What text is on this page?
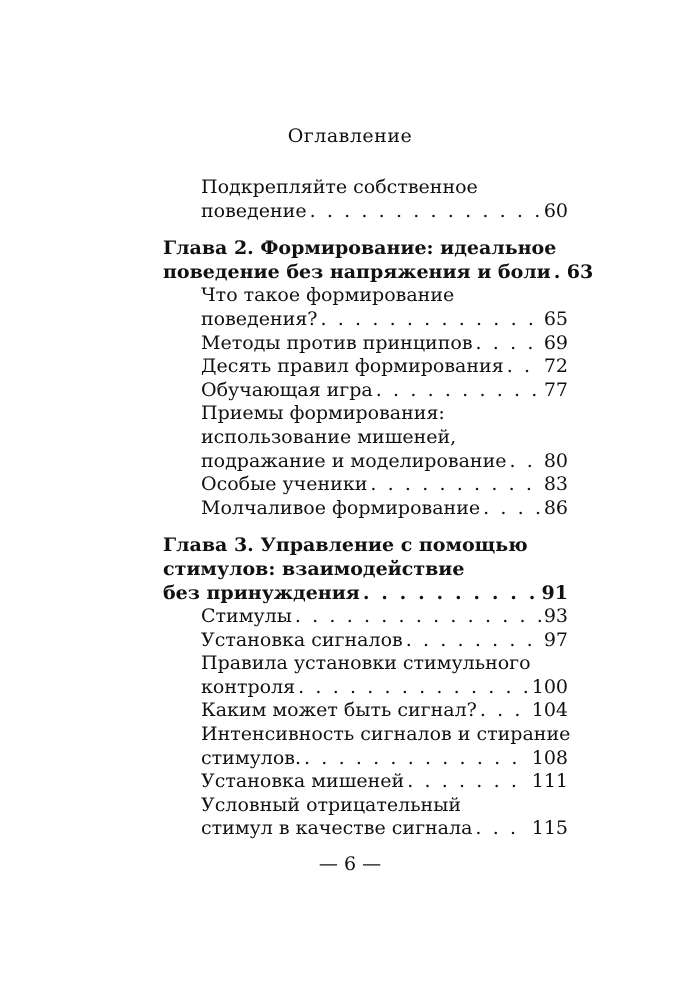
Оглавление
Подкрепляйте собственное
поведение . . .	60
Глава 2. Формирование: идеальное
поведение без напряжения и боли . . . 63
Что такое формирование
поведения? . . .	65
Методы против принципов . . .	69
Десять правил формирования . . . 72
Обучающая игра . . .	77
Приемы формирования:
использование мишеней,
подражание и моделирование . . . 80
Особые ученики . . .	83
Молчаливое формирование . . .	86
Глава 3. Управление с помощью
стимулов: взаимодействие
без принуждения . . .	91
Стимулы . . .	93
Установка сигналов . . .	97
Правила установки стимульного
контроля . . .	100
Каким может быть сигнал? . . .	104
Интенсивность сигналов и стирание
стимулов. . . .	108
Установка мишеней . . .	111
Условный отрицательный
стимул в качестве сигнала . . .	115
— 6 —
